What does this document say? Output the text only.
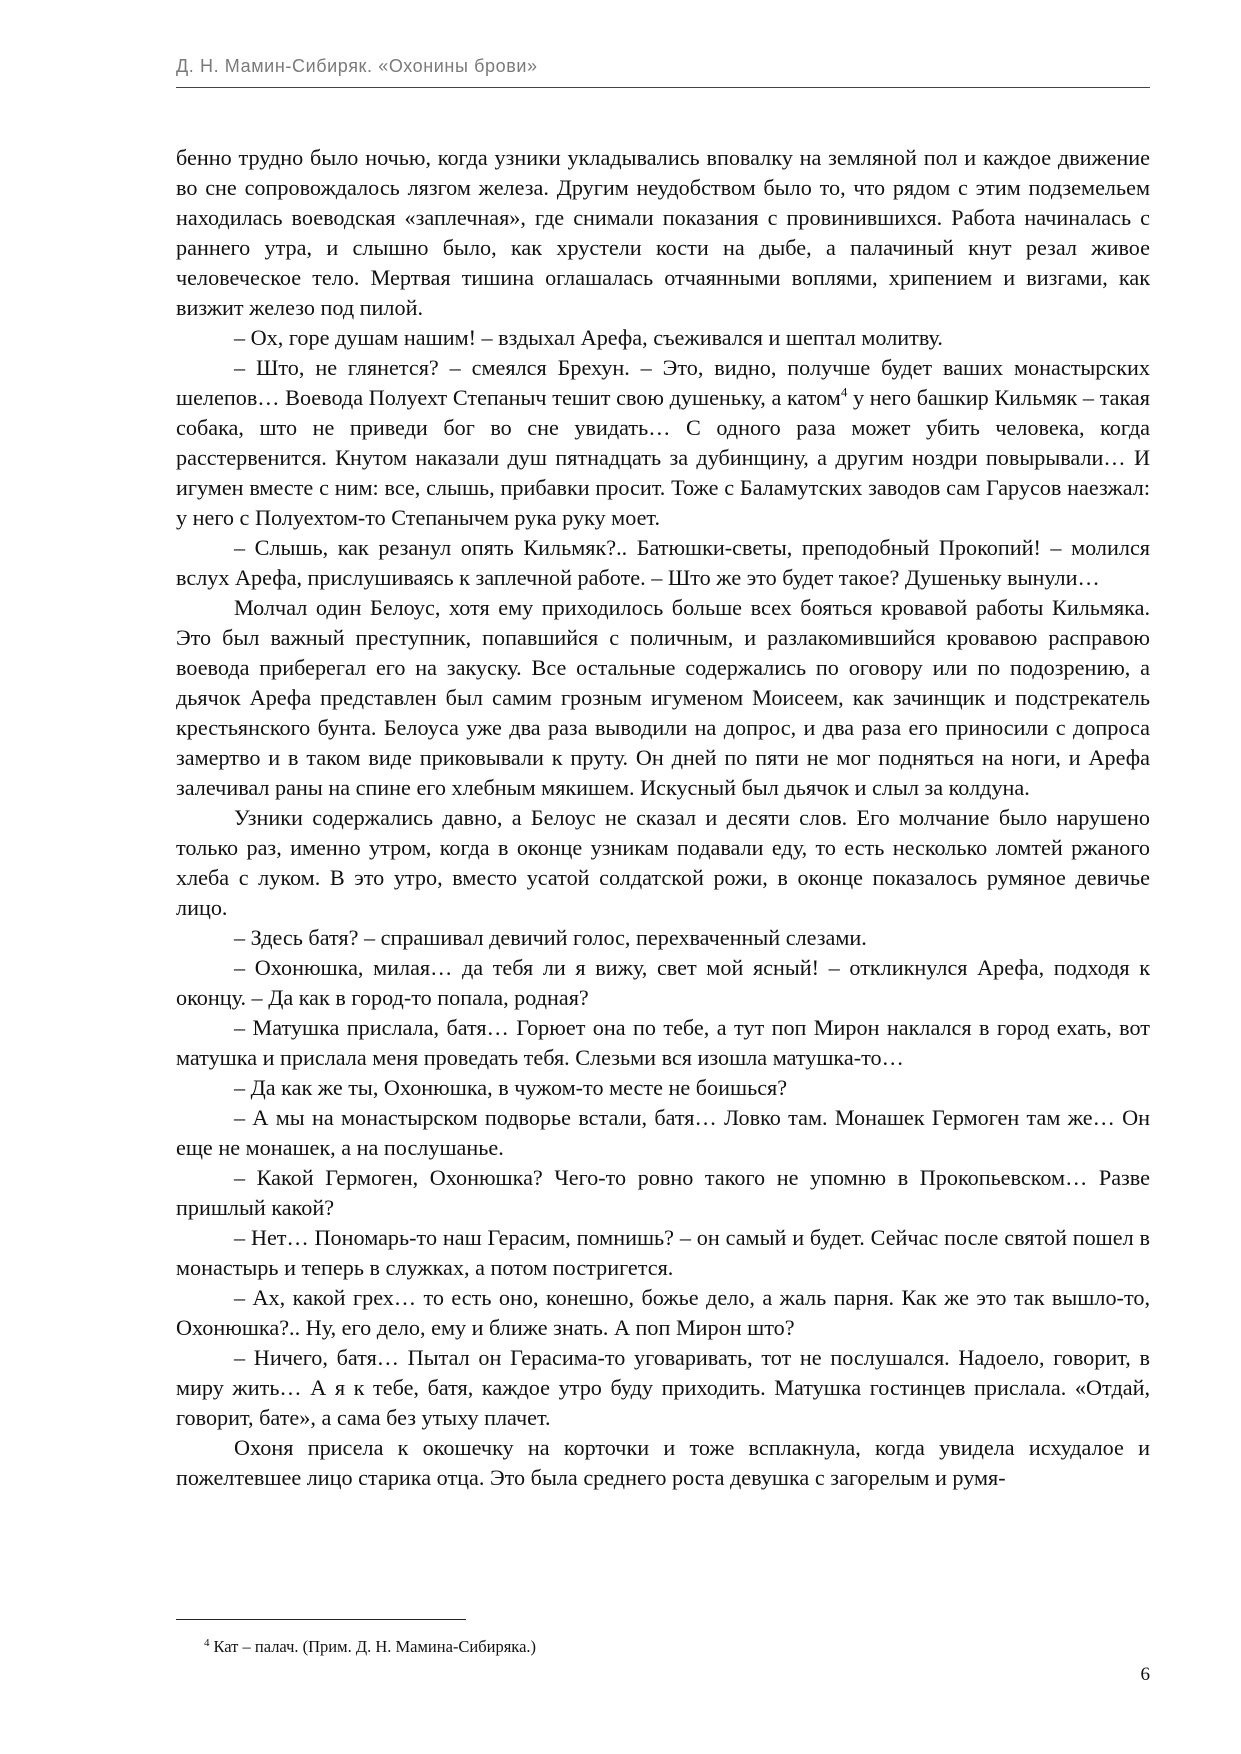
Д. Н. Мамин-Сибиряк. «Охонины брови»

бенно трудно было ночью, когда узники укладывались вповалку на земляной пол и каждое движение во сне сопровождалось лязгом железа. Другим неудобством было то, что рядом с этим подземельем находилась воеводская «заплечная», где снимали показания с провинившихся. Работа начиналась с раннего утра, и слышно было, как хрустели кости на дыбе, а палачиный кнут резал живое человеческое тело. Мертвая тишина оглашалась отчаянными воплями, хрипением и визгами, как визжит железо под пилой.

– Ох, горе душам нашим! – вздыхал Арефа, съеживался и шептал молитву.

– Што, не глянется? – смеялся Брехун. – Это, видно, получше будет ваших монастырских шелепов… Воевода Полуехт Степаныч тешит свою душеньку, а катом$^4$ у него башкир Кильмяк – такая собака, што не приведи бог во сне увидать… С одного раза может убить человека, когда расстервенится. Кнутом наказали душ пятнадцать за дубинщину, а другим ноздри повырывали… И игумен вместе с ним: все, слышь, прибавки просит. Тоже с Баламутских заводов сам Гарусов наезжал: у него с Полуехтом-то Степанычем рука руку моет.

– Слышь, как резанул опять Кильмяк?.. Батюшки-светы, преподобный Прокопий! – молился вслух Арефа, прислушиваясь к заплечной работе. – Што же это будет такое? Душеньку вынули…

Молчал один Белоус, хотя ему приходилось больше всех бояться кровавой работы Кильмяка. Это был важный преступник, попавшийся с поличным, и разлакомившийся кровавою расправою воевода приберегал его на закуску. Все остальные содержались по оговору или по подозрению, а дьячок Арефа представлен был самим грозным игуменом Моисеем, как зачинщик и подстрекатель крестьянского бунта. Белоуса уже два раза выводили на допрос, и два раза его приносили с допроса замертво и в таком виде приковывали к пруту. Он дней по пяти не мог подняться на ноги, и Арефа залечивал раны на спине его хлебным мякишем. Искусный был дьячок и слыл за колдуна.

Узники содержались давно, а Белоус не сказал и десяти слов. Его молчание было нарушено только раз, именно утром, когда в оконце узникам подавали еду, то есть несколько ломтей ржаного хлеба с луком. В это утро, вместо усатой солдатской рожи, в оконце показалось румяное девичье лицо.

– Здесь батя? – спрашивал девичий голос, перехваченный слезами.

– Охонюшка, милая… да тебя ли я вижу, свет мой ясный! – откликнулся Арефа, подходя к оконцу. – Да как в город-то попала, родная?

– Матушка прислала, батя… Горюет она по тебе, а тут поп Мирон наклался в город ехать, вот матушка и прислала меня проведать тебя. Слезьми вся изошла матушка-то…

– Да как же ты, Охонюшка, в чужом-то месте не боишься?

– А мы на монастырском подворье встали, батя… Ловко там. Монашек Гермоген там же… Он еще не монашек, а на послушанье.

– Какой Гермоген, Охонюшка? Чего-то ровно такого не упомню в Прокопьевском… Разве пришлый какой?

– Нет… Пономарь-то наш Герасим, помнишь? – он самый и будет. Сейчас после святой пошел в монастырь и теперь в служках, а потом постригется.

– Ах, какой грех… то есть оно, конешно, божье дело, а жаль парня. Как же это так вышло-то, Охонюшка?.. Ну, его дело, ему и ближе знать. А поп Мирон што?

– Ничего, батя… Пытал он Герасима-то уговаривать, тот не послушался. Надоело, говорит, в миру жить… А я к тебе, батя, каждое утро буду приходить. Матушка гостинцев прислала. «Отдай, говорит, бате», а сама без утыху плачет.

Охоня присела к окошечку на корточки и тоже всплакнула, когда увидела исхудалое и пожелтевшее лицо старика отца. Это была среднего роста девушка с загорелым и румя-

$^4$ Кат – палач. (Прим. Д. Н. Мамина-Сибиряка.)
6
